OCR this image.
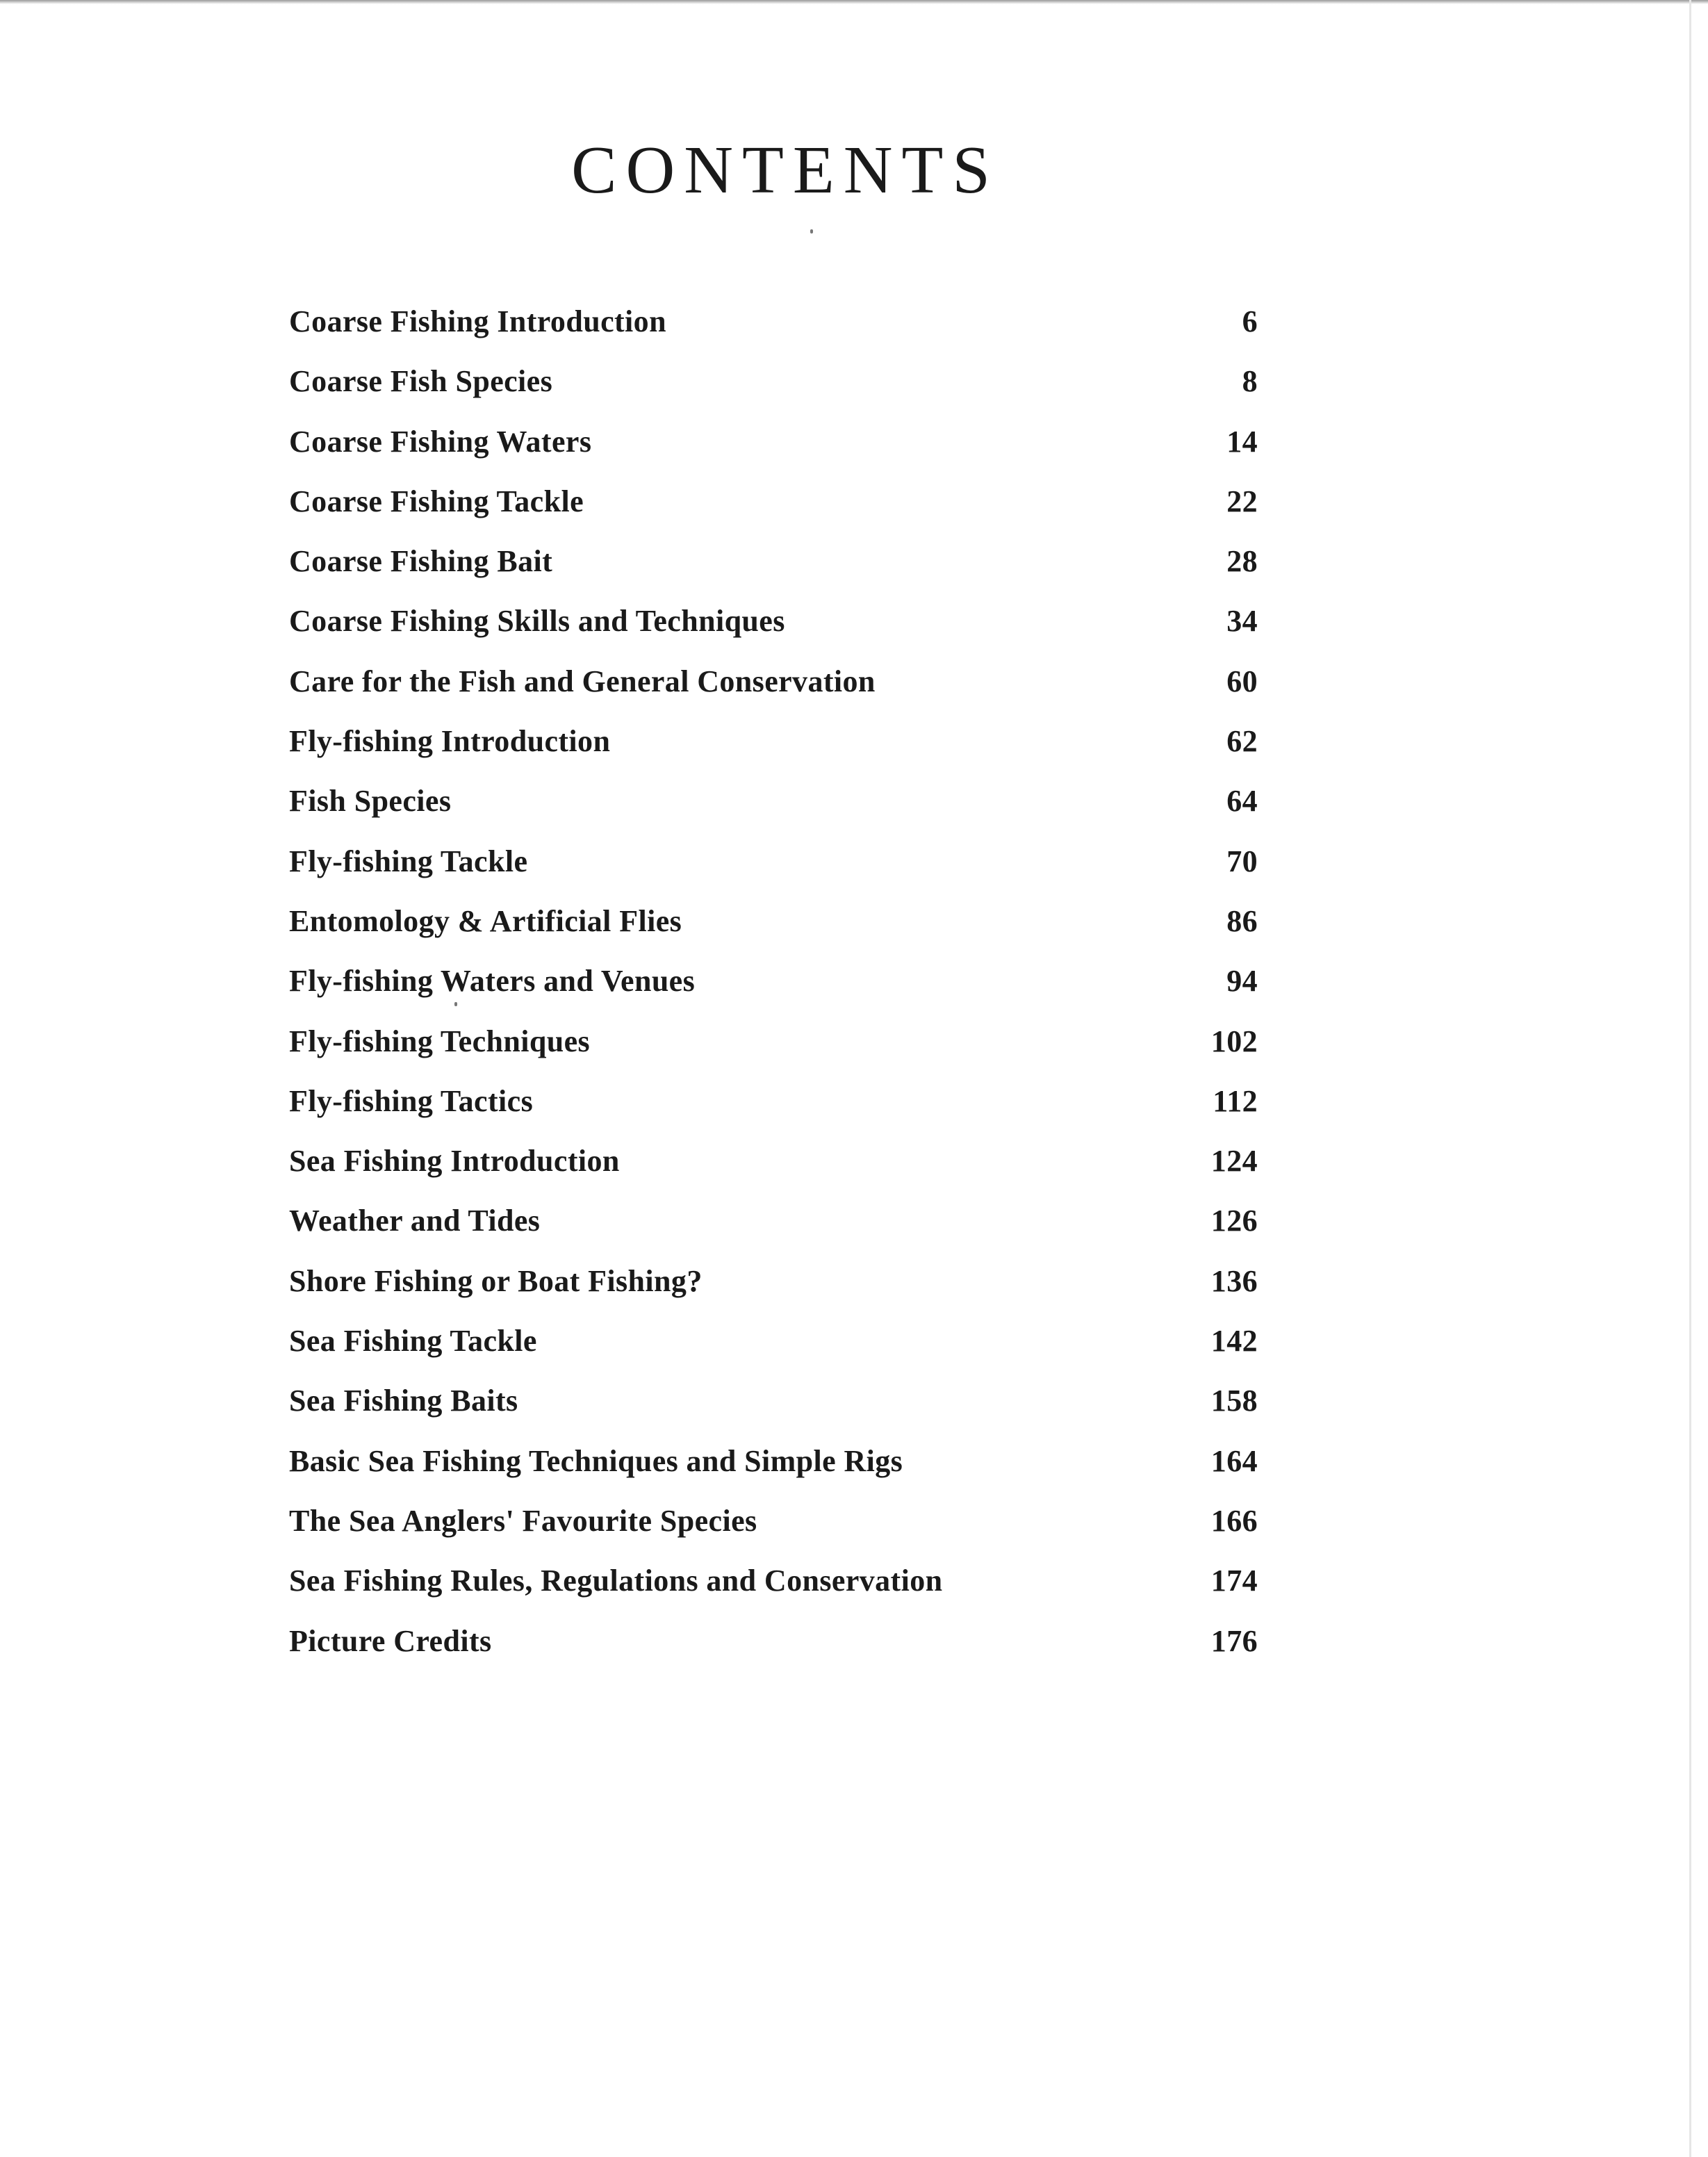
CONTENTS
Coarse Fishing Introduction	6
Coarse Fish Species	8
Coarse Fishing Waters	14
Coarse Fishing Tackle	22
Coarse Fishing Bait	28
Coarse Fishing Skills and Techniques	34
Care for the Fish and General Conservation	60
Fly-fishing Introduction	62
Fish Species	64
Fly-fishing Tackle	70
Entomology & Artificial Flies	86
Fly-fishing Waters and Venues	94
Fly-fishing Techniques	102
Fly-fishing Tactics	112
Sea Fishing Introduction	124
Weather and Tides	126
Shore Fishing or Boat Fishing?	136
Sea Fishing Tackle	142
Sea Fishing Baits	158
Basic Sea Fishing Techniques and Simple Rigs	164
The Sea Anglers' Favourite Species	166
Sea Fishing Rules, Regulations and Conservation	174
Picture Credits	176
